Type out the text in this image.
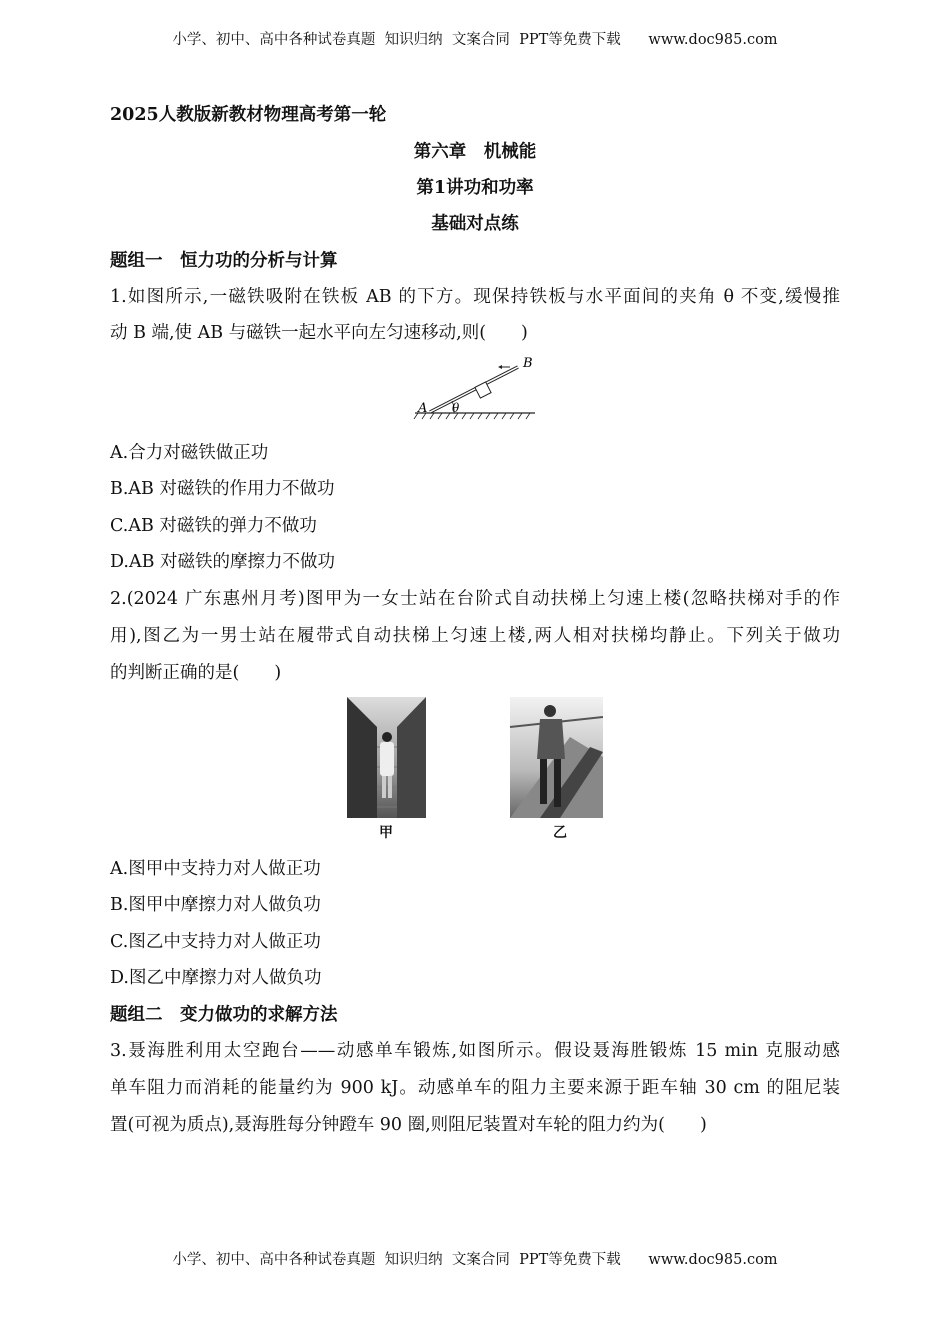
小学、初中、高中各种试卷真题  知识归纳  文案合同  PPT等免费下载      www.doc985.com
2025人教版新教材物理高考第一轮
第六章　机械能
第1讲功和功率
基础对点练
题组一　恒力功的分析与计算
1.如图所示,一磁铁吸附在铁板 AB 的下方。现保持铁板与水平面间的夹角 θ 不变,缓慢推
动 B 端,使 AB 与磁铁一起水平向左匀速移动,则(　　)
A
B
θ
A.合力对磁铁做正功
B.AB 对磁铁的作用力不做功
C.AB 对磁铁的弹力不做功
D.AB 对磁铁的摩擦力不做功
2.(2024 广东惠州月考)图甲为一女士站在台阶式自动扶梯上匀速上楼(忽略扶梯对手的作
用),图乙为一男士站在履带式自动扶梯上匀速上楼,两人相对扶梯均静止。下列关于做功
的判断正确的是(　　)
甲	乙
A.图甲中支持力对人做正功
B.图甲中摩擦力对人做负功
C.图乙中支持力对人做正功
D.图乙中摩擦力对人做负功
题组二　变力做功的求解方法
3.聂海胜利用太空跑台——动感单车锻炼,如图所示。假设聂海胜锻炼 15 min 克服动感
单车阻力而消耗的能量约为 900 kJ。动感单车的阻力主要来源于距车轴 30 cm 的阻尼装
置(可视为质点),聂海胜每分钟蹬车 90 圈,则阻尼装置对车轮的阻力约为(　　)
小学、初中、高中各种试卷真题  知识归纳  文案合同  PPT等免费下载      www.doc985.com
